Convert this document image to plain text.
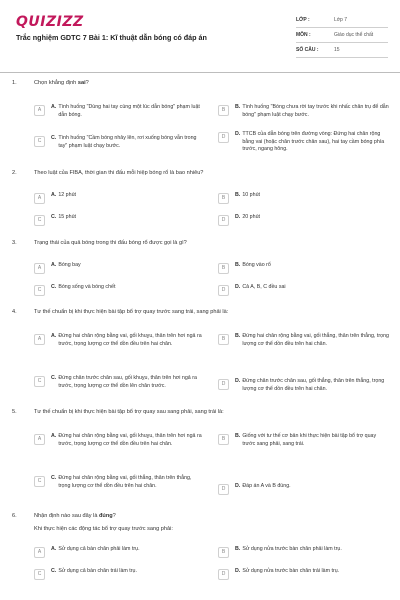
QUIZIZZ
Trắc nghiệm GDTC 7 Bài 1: Kĩ thuật dẫn bóng có đáp án
LỚP :	Lớp 7
MÔN :	Giáo dục thể chất
SỐ CÂU :	15
1.	Chọn khẳng định sai?
A	A. Tình huống "Dùng hai tay cùng một lúc dẫn bóng" phạm luật dẫn bóng.
B	B. Tình huống "Bóng chưa rời tay trước khi nhấc chân trụ để dẫn bóng" phạm luật chạy bước.
C	C. Tình huống "Cầm bóng nhảy lên, rơi xuống bóng vẫn trong tay" phạm luật chạy bước.
D	D. TTCB của dẫn bóng trên đường vòng: Đứng hai chân rộng bằng vai (hoặc chân trước chân sau), hai tay cầm bóng phía trước, ngang hông.
2.	Theo luật của FIBA, thời gian thi đấu mỗi hiệp bóng rổ là bao nhiêu?
A	A. 12 phút	B	B. 10 phút
C	C. 15 phút	D	D. 20 phút
3.	Trạng thái của quả bóng trong thi đấu bóng rổ được gọi là gì?
A	A. Bóng bay	B	B. Bóng vào rổ
C	C. Bóng sống và bóng chết	D	D. Cả A, B, C đều sai
4.	Tư thế chuẩn bị khi thực hiện bài tập bổ trợ quay trước sang trái, sang phải là:
A	A. Đứng hai chân rộng bằng vai, gối khuỵu, thân trên hơi ngả ra trước, trọng lượng cơ thể dồn đều trên hai chân.
B	B. Đứng hai chân rộng bằng vai, gối thẳng, thân trên thẳng, trọng lượng cơ thể dồn đều trên hai chân.
C	C. Đứng chân trước chân sau, gối khuỵu, thân trên hơi ngả ra trước, trọng lượng cơ thể dồn lên chân trước.	D	D. Đứng chân trước chân sau, gối thẳng, thân trên thẳng, trọng lượng cơ thể dồn đều trên hai chân.
5.	Tư thế chuẩn bị khi thực hiện bài tập bổ trợ quay sau sang phải, sang trái là:
A	A. Đứng hai chân rộng bằng vai, gối khuỵu, thân trên hơi ngả ra trước, trọng lượng cơ thể dồn đều trên hai chân.
B	B. Giống với tư thế cơ bản khi thực hiện bài tập bổ trợ quay trước sang phải, sang trái.
C	C. Đứng hai chân rộng bằng vai, gối thẳng, thân trên thẳng, trọng lượng cơ thể dồn đều trên hai chân.
D	D. Đáp án A và B đúng.
6.	Nhận định nào sau đây là đúng?
Khi thực hiện các động tác bổ trợ quay trước sang phải:
A	A. Sử dụng cả bàn chân phải làm trụ.	B	B. Sử dụng nửa trước bàn chân phải làm trụ.
C	C. Sử dụng cả bàn chân trái làm trụ.	D	D. Sử dụng nửa trước bàn chân trái làm trụ.
